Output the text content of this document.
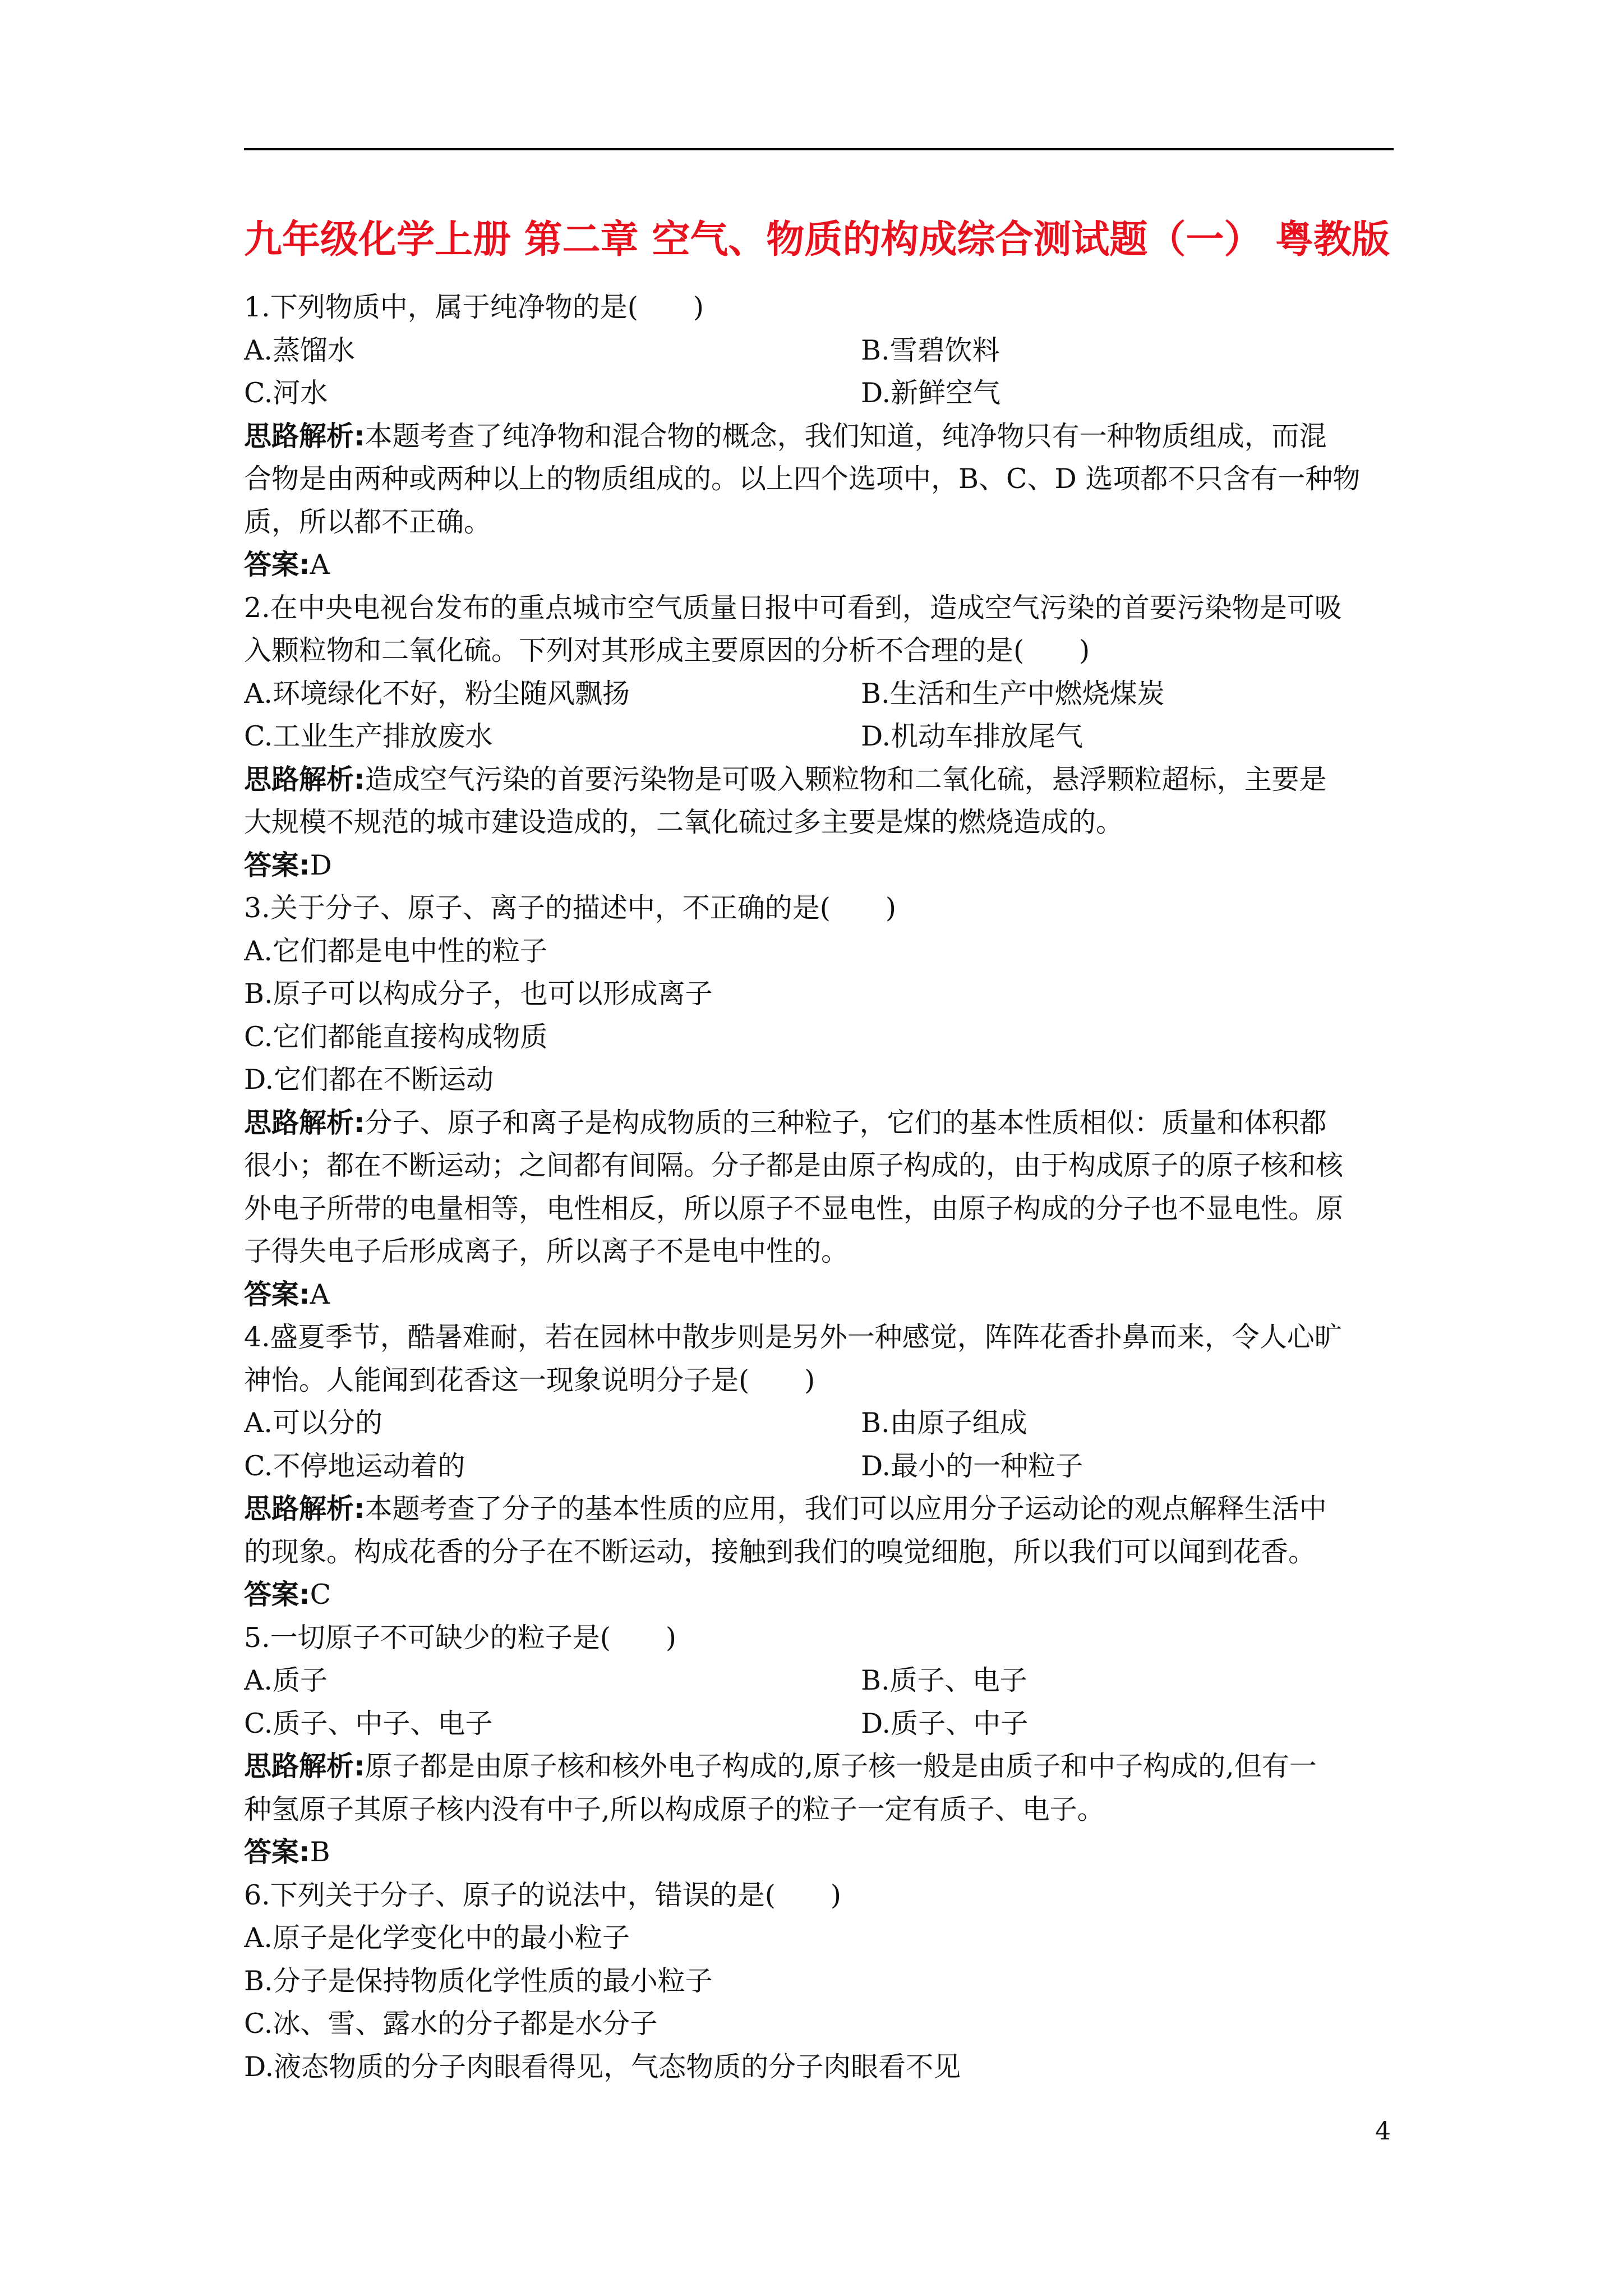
九年级化学上册 第二章 空气、物质的构成综合测试题（一） 粤教版
1.下列物质中，属于纯净物的是(　　)
A.蒸馏水	B.雪碧饮料
C.河水	D.新鲜空气
思路解析:本题考查了纯净物和混合物的概念，我们知道，纯净物只有一种物质组成，而混
合物是由两种或两种以上的物质组成的。以上四个选项中，B、C、D 选项都不只含有一种物
质，所以都不正确。
答案:A
2.在中央电视台发布的重点城市空气质量日报中可看到，造成空气污染的首要污染物是可吸
入颗粒物和二氧化硫。下列对其形成主要原因的分析不合理的是(　　)
A.环境绿化不好，粉尘随风飘扬	B.生活和生产中燃烧煤炭
C.工业生产排放废水	D.机动车排放尾气
思路解析:造成空气污染的首要污染物是可吸入颗粒物和二氧化硫，悬浮颗粒超标，主要是
大规模不规范的城市建设造成的，二氧化硫过多主要是煤的燃烧造成的。
答案:D
3.关于分子、原子、离子的描述中，不正确的是(　　)
A.它们都是电中性的粒子
B.原子可以构成分子，也可以形成离子
C.它们都能直接构成物质
D.它们都在不断运动
思路解析:分子、原子和离子是构成物质的三种粒子，它们的基本性质相似：质量和体积都
很小；都在不断运动；之间都有间隔。分子都是由原子构成的，由于构成原子的原子核和核
外电子所带的电量相等，电性相反，所以原子不显电性，由原子构成的分子也不显电性。原
子得失电子后形成离子，所以离子不是电中性的。
答案:A
4.盛夏季节，酷暑难耐，若在园林中散步则是另外一种感觉，阵阵花香扑鼻而来，令人心旷
神怡。人能闻到花香这一现象说明分子是(　　)
A.可以分的	B.由原子组成
C.不停地运动着的	D.最小的一种粒子
思路解析:本题考查了分子的基本性质的应用，我们可以应用分子运动论的观点解释生活中
的现象。构成花香的分子在不断运动，接触到我们的嗅觉细胞，所以我们可以闻到花香。
答案:C
5.一切原子不可缺少的粒子是(　　)
A.质子	B.质子、电子
C.质子、中子、电子	D.质子、中子
思路解析:原子都是由原子核和核外电子构成的,原子核一般是由质子和中子构成的,但有一
种氢原子其原子核内没有中子,所以构成原子的粒子一定有质子、电子。
答案:B
6.下列关于分子、原子的说法中，错误的是(　　)
A.原子是化学变化中的最小粒子
B.分子是保持物质化学性质的最小粒子
C.冰、雪、露水的分子都是水分子
D.液态物质的分子肉眼看得见，气态物质的分子肉眼看不见
4
